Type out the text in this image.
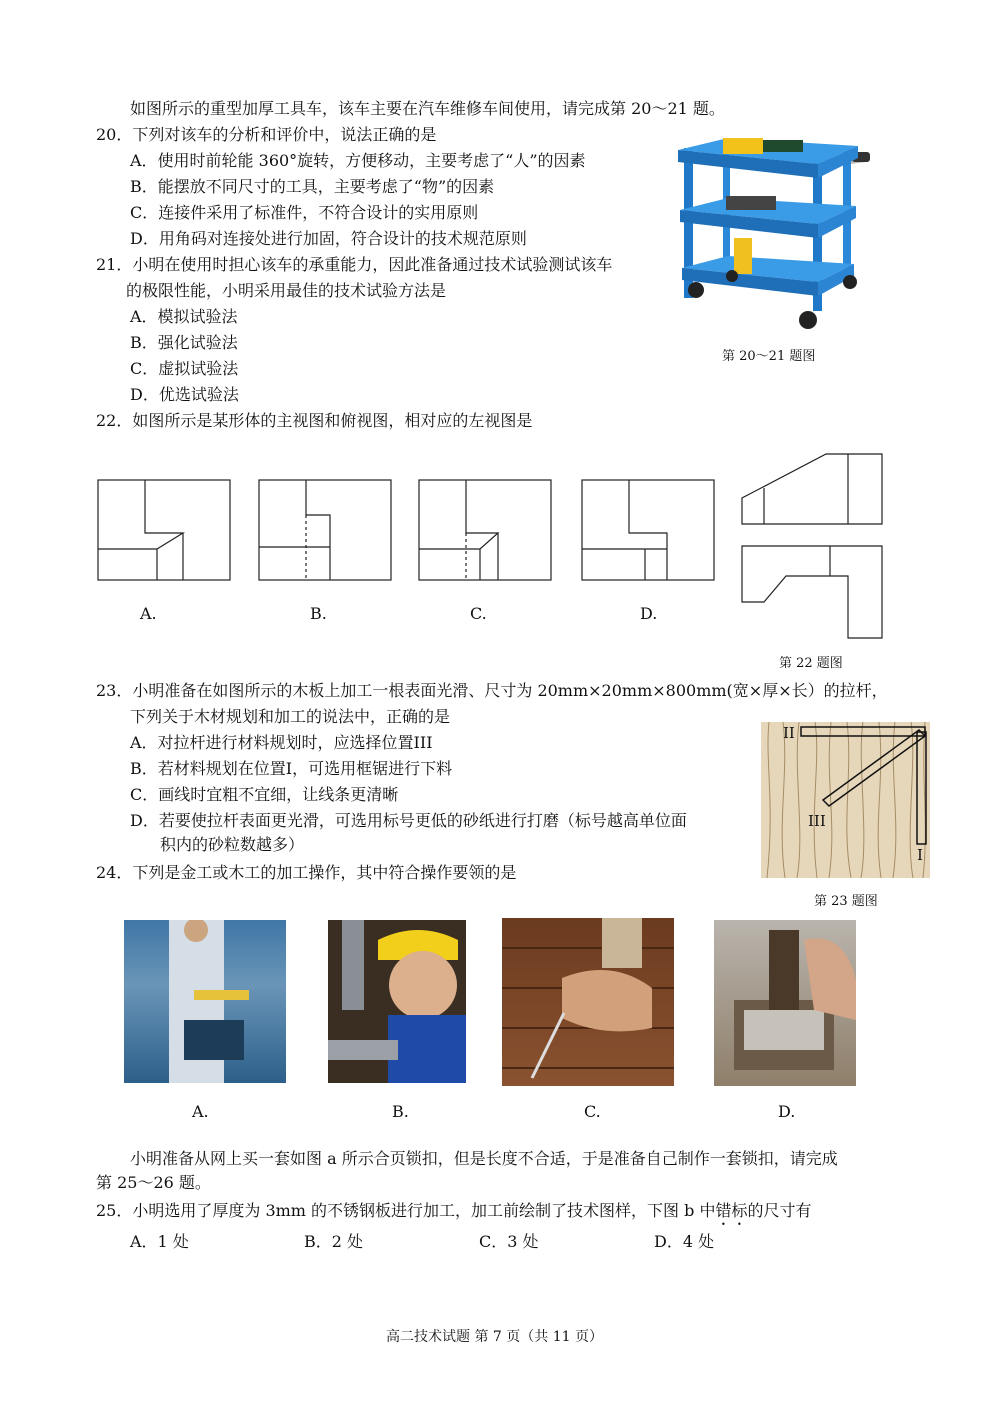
如图所示的重型加厚工具车，该车主要在汽车维修车间使用，请完成第 20～21 题。
20．下列对该车的分析和评价中，说法正确的是
A．使用时前轮能 360°旋转，方便移动，主要考虑了“人”的因素
B．能摆放不同尺寸的工具，主要考虑了“物”的因素
C．连接件采用了标准件，不符合设计的实用原则
D．用角码对连接处进行加固，符合设计的技术规范原则
21．小明在使用时担心该车的承重能力，因此准备通过技术试验测试该车
的极限性能，小明采用最佳的技术试验方法是
A．模拟试验法
B．强化试验法
C．虚拟试验法
D．优选试验法
第 20～21 题图
22．如图所示是某形体的主视图和俯视图，相对应的左视图是
A.	B.	C.	D.
第 22 题图
23．小明准备在如图所示的木板上加工一根表面光滑、尺寸为 20mm×20mm×800mm(宽×厚×长）的拉杆，
下列关于木材规划和加工的说法中，正确的是
A．对拉杆进行材料规划时，应选择位置III
B．若材料规划在位置I，可选用框锯进行下料
C．画线时宜粗不宜细，让线条更清晰
D．若要使拉杆表面更光滑，可选用标号更低的砂纸进行打磨（标号越高单位面
积内的砂粒数越多）
II
III
I
第 23 题图
24．下列是金工或木工的加工操作，其中符合操作要领的是
A.	B.	C.	D.
小明准备从网上买一套如图 a 所示合页锁扣，但是长度不合适，于是准备自己制作一套锁扣，请完成
第 25～26 题。
25．小明选用了厚度为 3mm 的不锈钢板进行加工，加工前绘制了技术图样，下图 b 中错标的尺寸有
A．1 处	B．2 处	C．3 处	D．4 处
高二技术试题 第 7 页（共 11 页）
